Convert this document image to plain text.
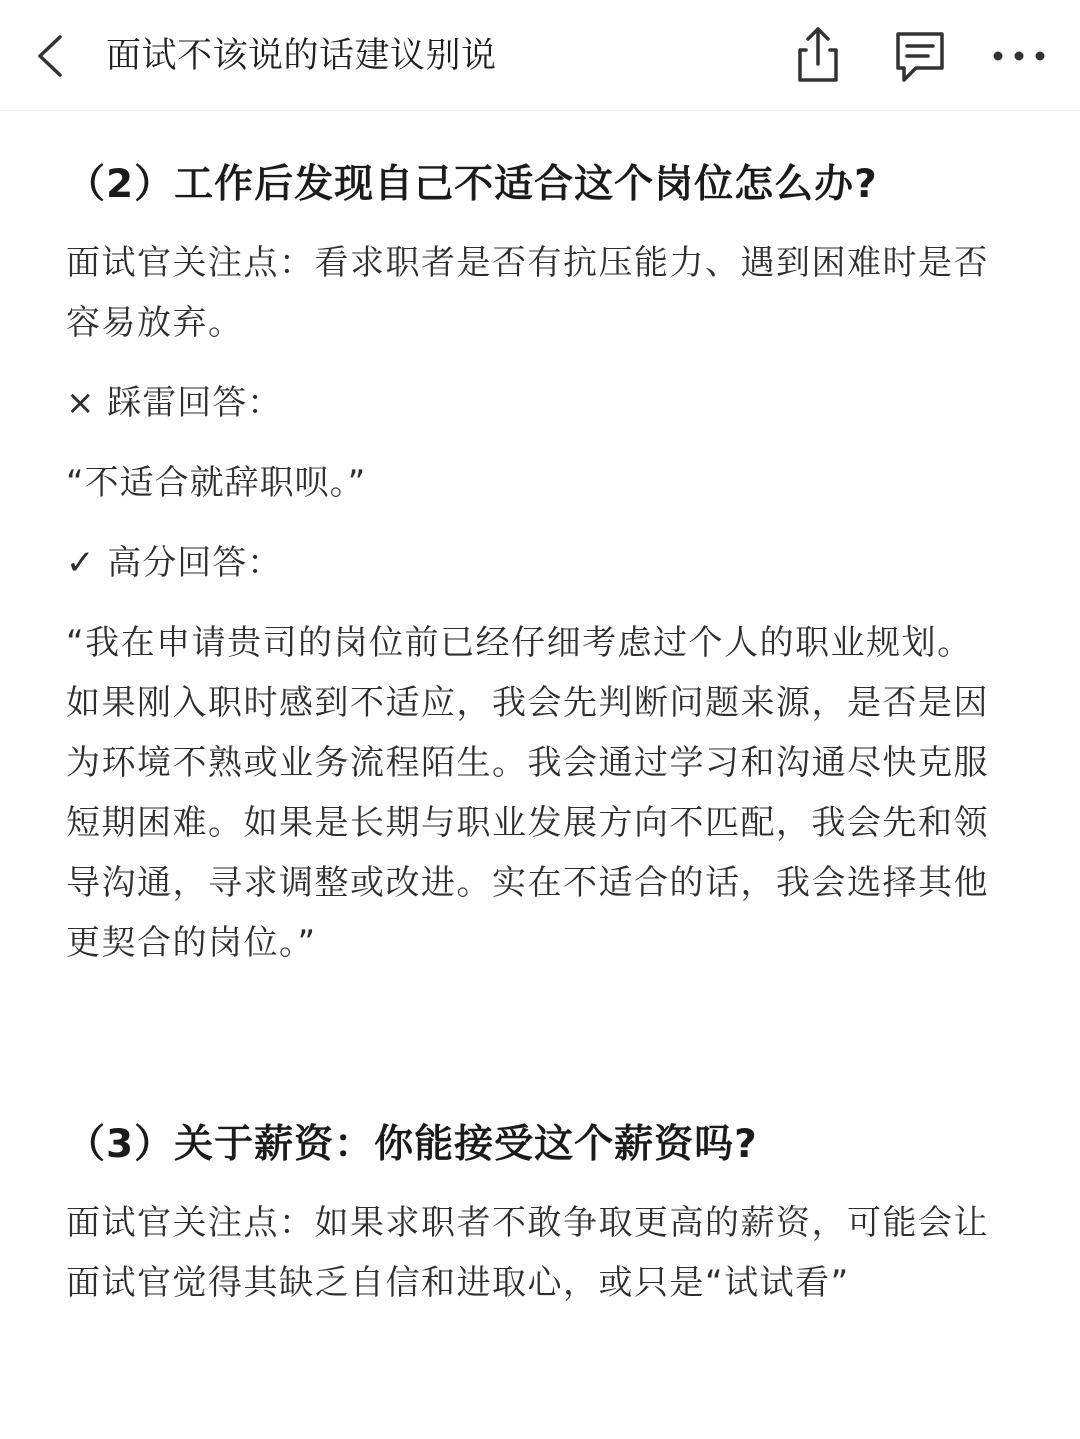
面试不该说的话建议别说
（2）工作后发现自己不适合这个岗位怎么办?

面试官关注点：看求职者是否有抗压能力、遇到困难时是否容易放弃。

× 踩雷回答：

“不适合就辞职呗。”

✓ 高分回答：

“我在申请贵司的岗位前已经仔细考虑过个人的职业规划。如果刚入职时感到不适应，我会先判断问题来源，是否是因为环境不熟或业务流程陌生。我会通过学习和沟通尽快克服短期困难。如果是长期与职业发展方向不匹配，我会先和领导沟通，寻求调整或改进。实在不适合的话，我会选择其他更契合的岗位。”

（3）关于薪资：你能接受这个薪资吗?

面试官关注点：如果求职者不敢争取更高的薪资，可能会让面试官觉得其缺乏自信和进取心，或只是“试试看”
